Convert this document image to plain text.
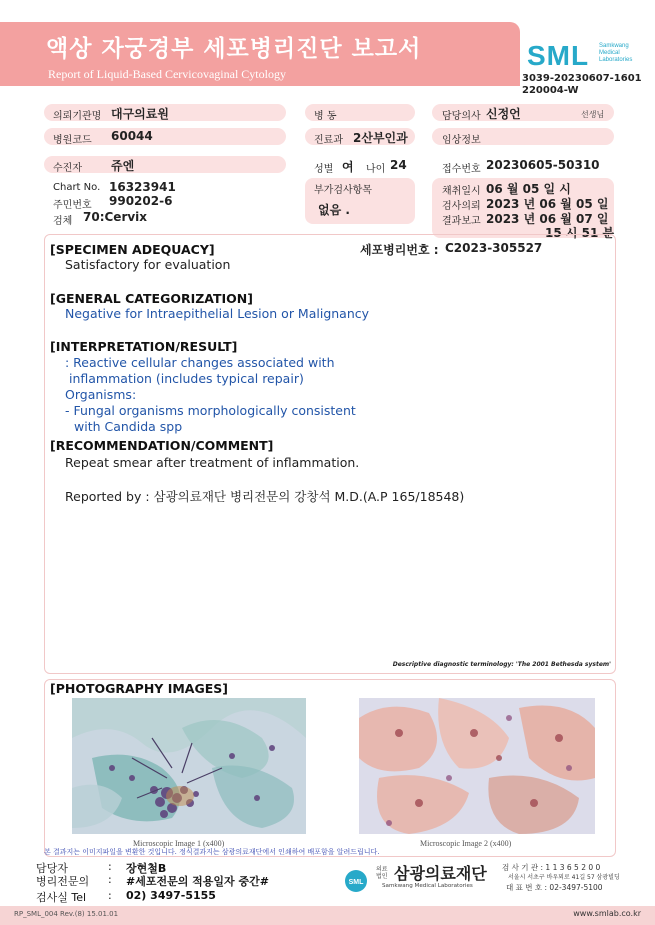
액상 자궁경부 세포병리진단 보고서
Report of Liquid-Based Cervicovaginal Cytology
SML Samkwang
Medical
Laboratories
3039-20230607-1601
220004-W
의뢰기관명 대구의료원	병 동	담당의사 신정언	선생님
병원코드 60044	진료과 2산부인과	임상정보
수진자 쥬엔	성별 여 나이 24	접수번호 20230605-50310
Chart No. 16323941
주민번호 990202-6
검체 70:Cervix
부가검사항목
없음 .
채취일시 06 월 05 일 시
검사의뢰 2023 년 06 월 05 일
결과보고 2023 년 06 월 07 일
15 시 51 분
[SPECIMEN ADEQUACY]	세포병리번호 : C2023-305527
Satisfactory for evaluation
[GENERAL CATEGORIZATION]
Negative for Intraepithelial Lesion or Malignancy
[INTERPRETATION/RESULT]
: Reactive cellular changes associated with
inflammation (includes typical repair)
Organisms:
- Fungal organisms morphologically consistent
with Candida spp
[RECOMMENDATION/COMMENT]
Repeat smear after treatment of inflammation.
Reported by : 삼광의료재단 병리전문의 강창석 M.D.(A.P 165/18548)
Descriptive diagnostic terminology: 'The 2001 Bethesda system'
[PHOTOGRAPHY IMAGES]
Microscopic Image 1 (x400)	Microscopic Image 2 (x400)
본 결과지는 이미지파일을 변환한 것입니다. 정식결과지는 삼광의료재단에서 인쇄하여 배포함을 알려드립니다.
담당자	: 장현철B
병리전문의 : #세포전문의 적용일자 중간#
검사실 Tel : 02) 3497-5155
SML
의료
법인 삼광의료재단
Samkwang Medical Laboratories
검 사 기 관 : 1 1 3 6 5 2 0 0
서울시 서초구 바우뫼로 41길 57 삼광빌딩
대 표 번 호 : 02-3497-5100
RP_SML_004 Rev.(8) 15.01.01	www.smlab.co.kr
